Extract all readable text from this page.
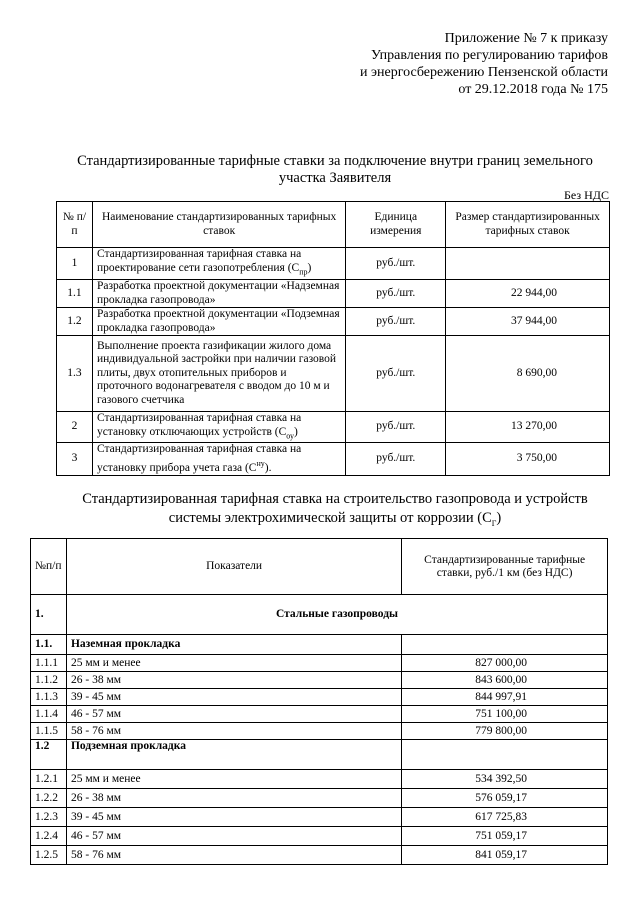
Приложение № 7 к приказу
Управления по регулированию тарифов
и энергосбережению Пензенской области
от 29.12.2018 года № 175
Стандартизированные тарифные ставки за подключение внутри границ земельного
участка Заявителя
Без НДС
№ п/п	Наименование стандартизированных тарифных ставок	Единица измерения	Размер стандартизированных тарифных ставок
1	Стандартизированная тарифная ставка на проектирование сети газопотребления $(C_{пр})$	руб./шт.	
1.1	Разработка проектной документации «Надземная прокладка газопровода»	руб./шт.	22 944,00
1.2	Разработка проектной документации «Подземная прокладка газопровода»	руб./шт.	37 944,00
1.3	Выполнение проекта газификации жилого дома индивидуальной застройки при наличии газовой плиты, двух отопительных приборов и проточного водонагревателя с вводом до 10 м и газового счетчика	руб./шт.	8 690,00
2	Стандартизированная тарифная ставка на установку отключающих устройств $(C_{оу})$	руб./шт.	13 270,00
3	Стандартизированная тарифная ставка на установку прибора учета газа $(C^{ну})$.	руб./шт.	3 750,00
Стандартизированная тарифная ставка на строительство газопровода и устройств
системы электрохимической защиты от коррозии $(C_Г)$
№п/п	Показатели	Стандартизированные тарифные ставки, руб./1 км (без НДС)
1.	Стальные газопроводы	
1.1.	Наземная прокладка	
1.1.1	25 мм и менее	827 000,00
1.1.2	26 - 38 мм	843 600,00
1.1.3	39 - 45 мм	844 997,91
1.1.4	46 - 57 мм	751 100,00
1.1.5	58 - 76 мм	779 800,00
1.2	Подземная прокладка	
1.2.1	25 мм и менее	534 392,50
1.2.2	26 - 38 мм	576 059,17
1.2.3	39 - 45 мм	617 725,83
1.2.4	46 - 57 мм	751 059,17
1.2.5	58 - 76 мм	841 059,17
